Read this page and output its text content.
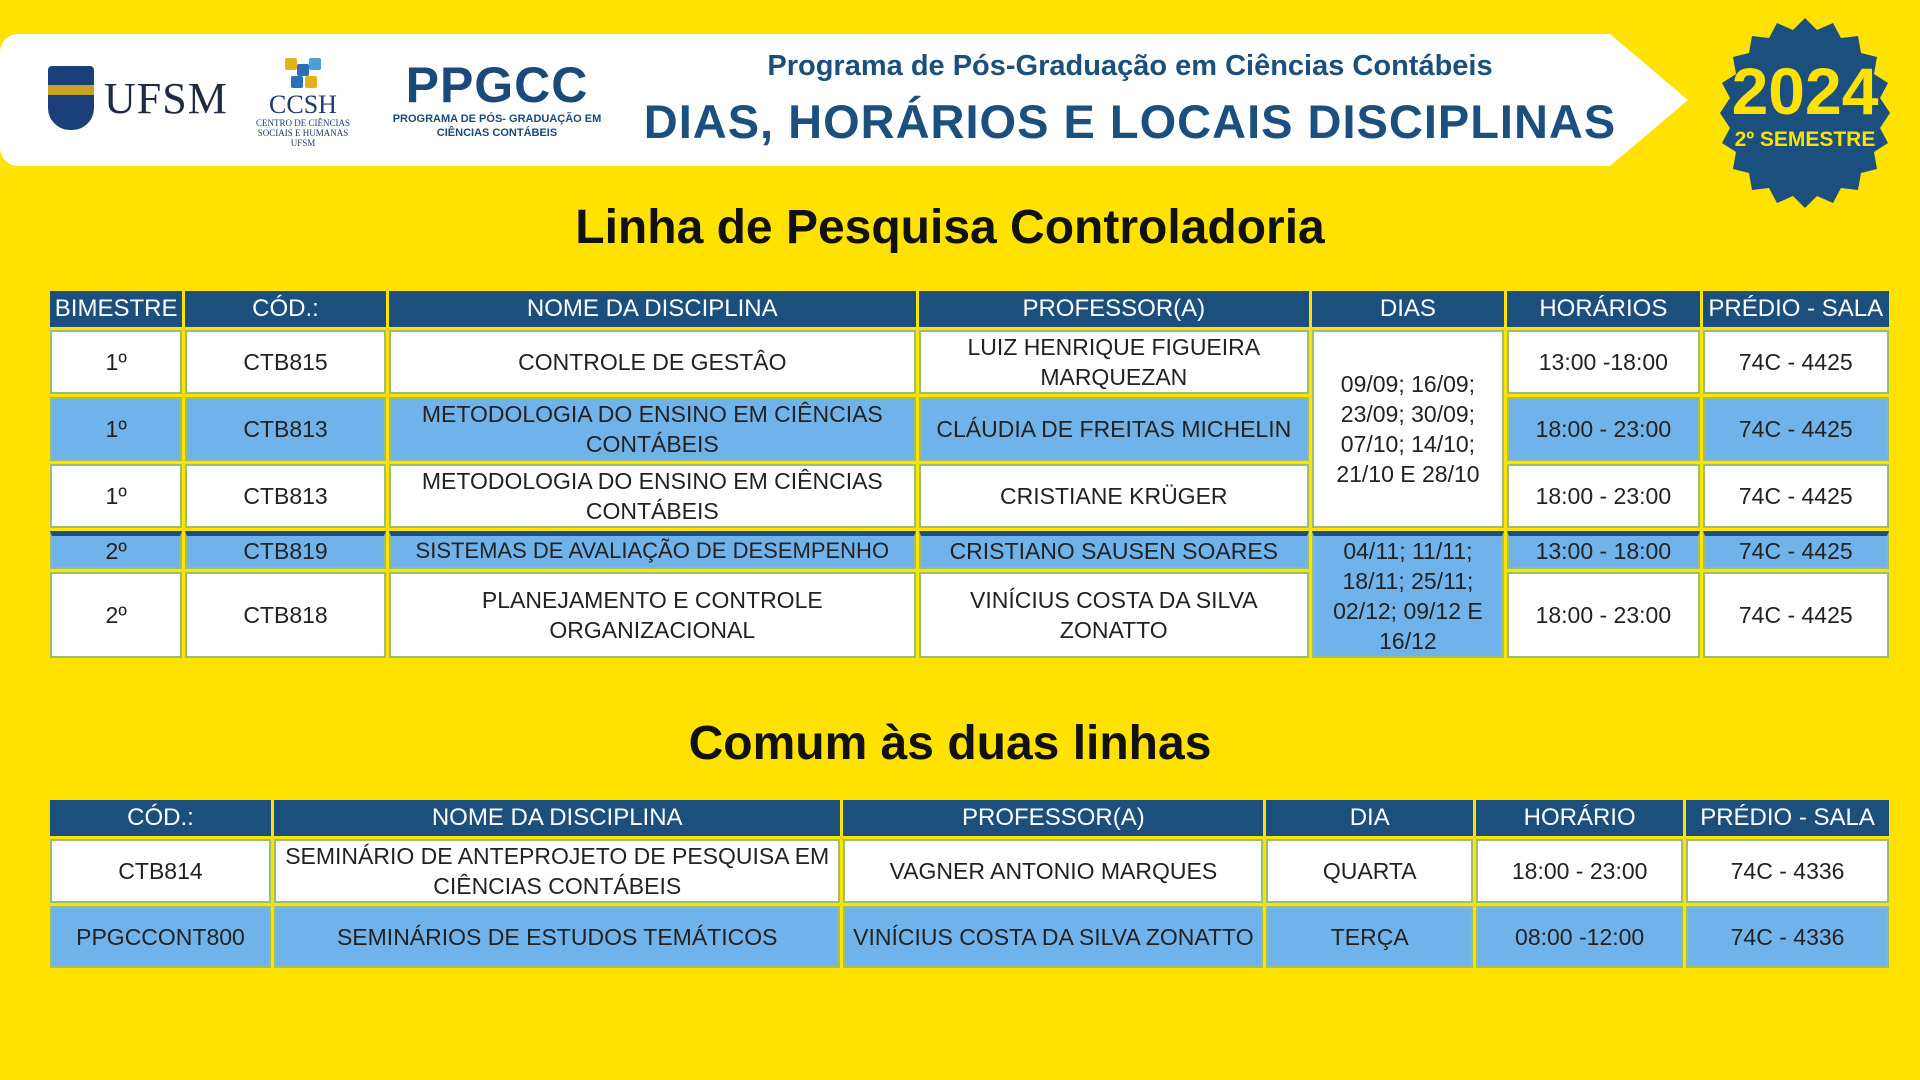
UFSM	CCSH
CENTRO DE CIÊNCIAS SOCIAIS E HUMANAS UFSM
PPGCC
PROGRAMA DE PÓS- GRADUAÇÃO EM CIÊNCIAS CONTÁBEIS
Programa de Pós-Graduação em Ciências Contábeis
DIAS, HORÁRIOS E LOCAIS DISCIPLINAS	2024
2º SEMESTRE
Linha de Pesquisa Controladoria
BIMESTRE	CÓD.:	NOME DA DISCIPLINA	PROFESSOR(A)	DIAS	HORÁRIOS	PRÉDIO - SALA
1º	CTB815	CONTROLE DE GESTÂO	LUIZ HENRIQUE FIGUEIRA MARQUEZAN	09/09; 16/09; 23/09; 30/09; 07/10; 14/10; 21/10 E 28/10	13:00 -18:00	74C - 4425
1º	CTB813	METODOLOGIA DO ENSINO EM CIÊNCIAS CONTÁBEIS	CLÁUDIA DE FREITAS MICHELIN		18:00 - 23:00	74C - 4425
1º	CTB813	METODOLOGIA DO ENSINO EM CIÊNCIAS CONTÁBEIS	CRISTIANE KRÜGER		18:00 - 23:00	74C - 4425
2º	CTB819	SISTEMAS DE AVALIAÇÃO DE DESEMPENHO	CRISTIANO SAUSEN SOARES	04/11; 11/11; 18/11; 25/11; 02/12; 09/12 E 16/12	13:00 - 18:00	74C - 4425
2º	CTB818	PLANEJAMENTO E CONTROLE ORGANIZACIONAL	VINÍCIUS COSTA DA SILVA ZONATTO		18:00 - 23:00	74C - 4425
Comum às duas linhas
CÓD.:	NOME DA DISCIPLINA	PROFESSOR(A)	DIA	HORÁRIO	PRÉDIO - SALA
CTB814	SEMINÁRIO DE ANTEPROJETO DE PESQUISA EM CIÊNCIAS CONTÁBEIS	VAGNER ANTONIO MARQUES	QUARTA	18:00 - 23:00	74C - 4336
PPGCCONT800	SEMINÁRIOS DE ESTUDOS TEMÁTICOS	VINÍCIUS COSTA DA SILVA ZONATTO	TERÇA	08:00 -12:00	74C - 4336
